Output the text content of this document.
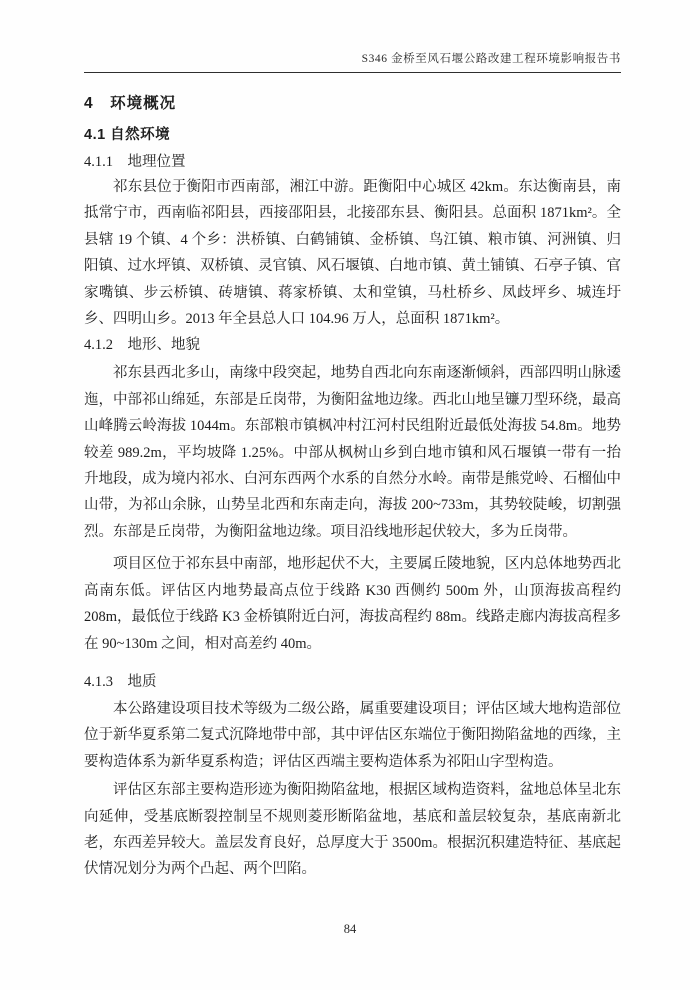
S346 金桥至风石堰公路改建工程环境影响报告书
4　环境概况
4.1 自然环境
4.1.1　地理位置

祁东县位于衡阳市西南部，湘江中游。距衡阳中心城区 42km。东达衡南县，南抵常宁市，西南临祁阳县，西接邵阳县，北接邵东县、衡阳县。总面积 1871km²。全县辖 19 个镇、4 个乡：洪桥镇、白鹤铺镇、金桥镇、鸟江镇、粮市镇、河洲镇、归阳镇、过水坪镇、双桥镇、灵官镇、风石堰镇、白地市镇、黄土铺镇、石亭子镇、官家嘴镇、步云桥镇、砖塘镇、蒋家桥镇、太和堂镇，马杜桥乡、凤歧坪乡、城连圩乡、四明山乡。2013 年全县总人口 104.96 万人，总面积 1871km²。

4.1.2　地形、地貌

祁东县西北多山，南缘中段突起，地势自西北向东南逐渐倾斜，西部四明山脉逶迤，中部祁山绵延，东部是丘岗带，为衡阳盆地边缘。西北山地呈镰刀型环绕，最高山峰腾云岭海拔 1044m。东部粮市镇枫冲村江河村民组附近最低处海拔 54.8m。地势较差 989.2m，平均坡降 1.25%。中部从枫树山乡到白地市镇和风石堰镇一带有一抬升地段，成为境内祁水、白河东西两个水系的自然分水岭。南带是熊党岭、石榴仙中山带，为祁山余脉，山势呈北西和东南走向，海拔 200~733m，其势较陡峻，切割强烈。东部是丘岗带，为衡阳盆地边缘。项目沿线地形起伏较大，多为丘岗带。

项目区位于祁东县中南部，地形起伏不大，主要属丘陵地貌，区内总体地势西北高南东低。评估区内地势最高点位于线路 K30 西侧约 500m 外，山顶海拔高程约 208m，最低位于线路 K3 金桥镇附近白河，海拔高程约 88m。线路走廊内海拔高程多在 90~130m 之间，相对高差约 40m。

4.1.3　地质

本公路建设项目技术等级为二级公路，属重要建设项目；评估区域大地构造部位位于新华夏系第二复式沉降地带中部，其中评估区东端位于衡阳拗陷盆地的西缘，主要构造体系为新华夏系构造；评估区西端主要构造体系为祁阳山字型构造。

评估区东部主要构造形迹为衡阳拗陷盆地，根据区域构造资料，盆地总体呈北东向延伸，受基底断裂控制呈不规则菱形断陷盆地，基底和盖层较复杂，基底南新北老，东西差异较大。盖层发育良好，总厚度大于 3500m。根据沉积建造特征、基底起伏情况划分为两个凸起、两个凹陷。

84
